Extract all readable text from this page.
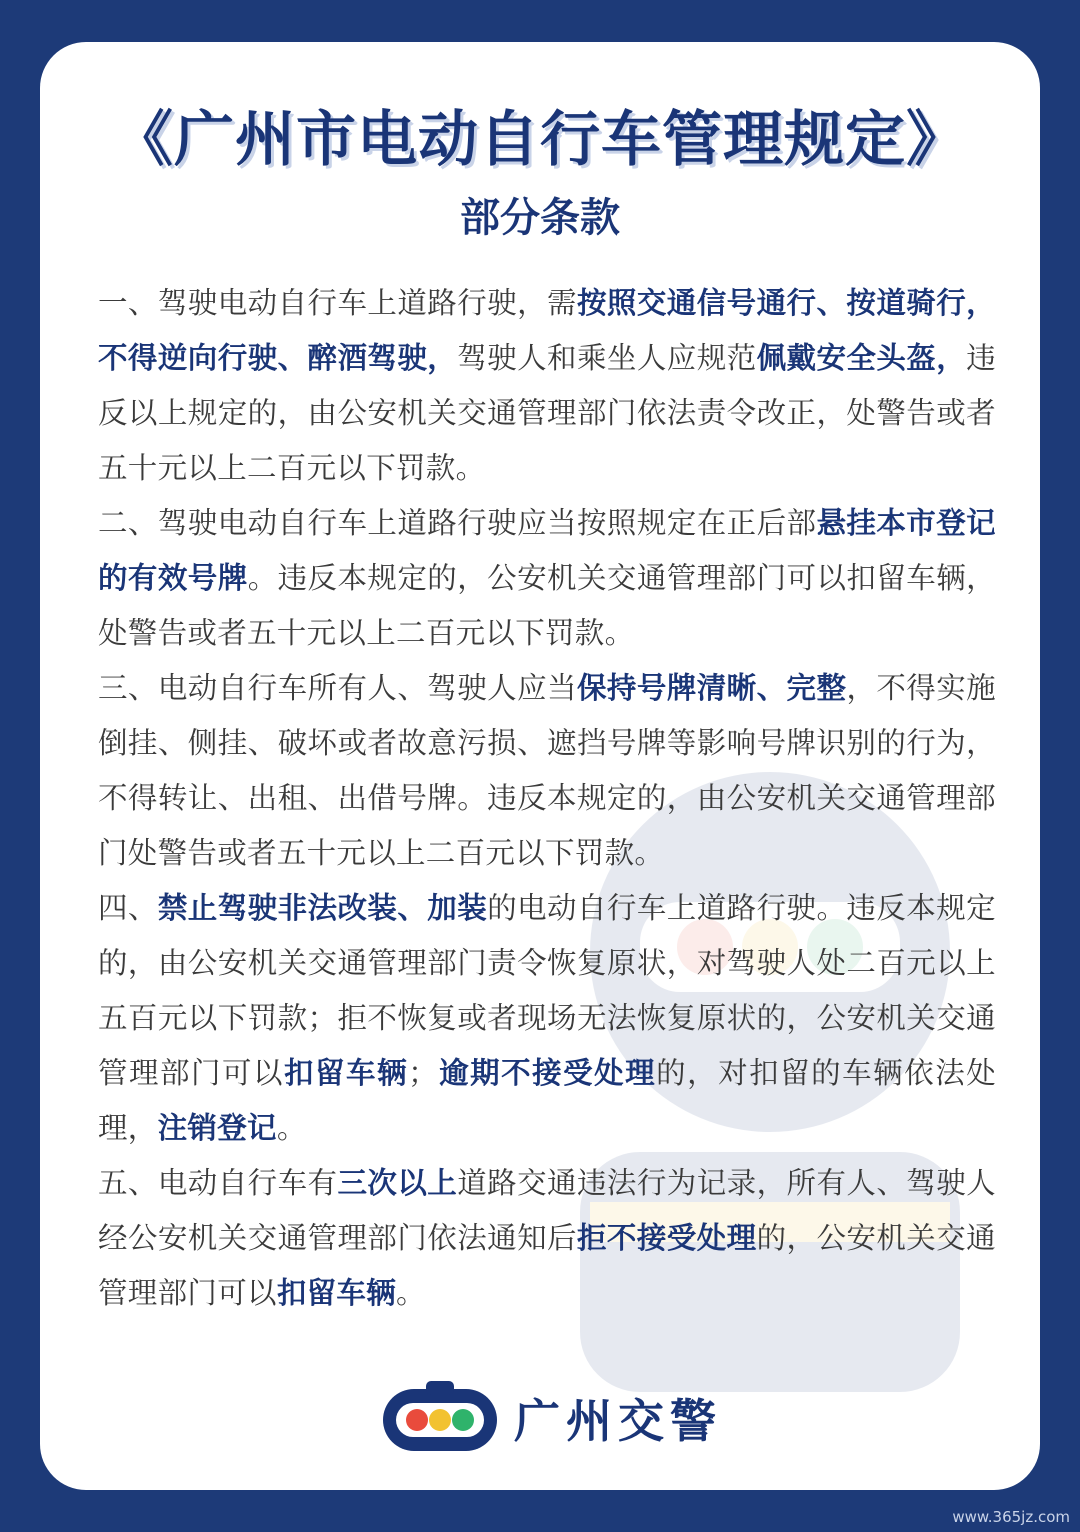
《广州市电动自行车管理规定》
部分条款

一、驾驶电动自行车上道路行驶，需按照交通信号通行、按道骑行，不得逆向行驶、醉酒驾驶，驾驶人和乘坐人应规范佩戴安全头盔，违反以上规定的，由公安机关交通管理部门依法责令改正，处警告或者五十元以上二百元以下罚款。

二、驾驶电动自行车上道路行驶应当按照规定在正后部悬挂本市登记的有效号牌。违反本规定的，公安机关交通管理部门可以扣留车辆，处警告或者五十元以上二百元以下罚款。

三、电动自行车所有人、驾驶人应当保持号牌清晰、完整，不得实施倒挂、侧挂、破坏或者故意污损、遮挡号牌等影响号牌识别的行为，不得转让、出租、出借号牌。违反本规定的，由公安机关交通管理部门处警告或者五十元以上二百元以下罚款。

四、禁止驾驶非法改装、加装的电动自行车上道路行驶。违反本规定的，由公安机关交通管理部门责令恢复原状，对驾驶人处二百元以上五百元以下罚款；拒不恢复或者现场无法恢复原状的，公安机关交通管理部门可以扣留车辆；逾期不接受处理的，对扣留的车辆依法处理，注销登记。

五、电动自行车有三次以上道路交通违法行为记录，所有人、驾驶人经公安机关交通管理部门依法通知后拒不接受处理的，公安机关交通管理部门可以扣留车辆。

广州交警
www.365jz.com
